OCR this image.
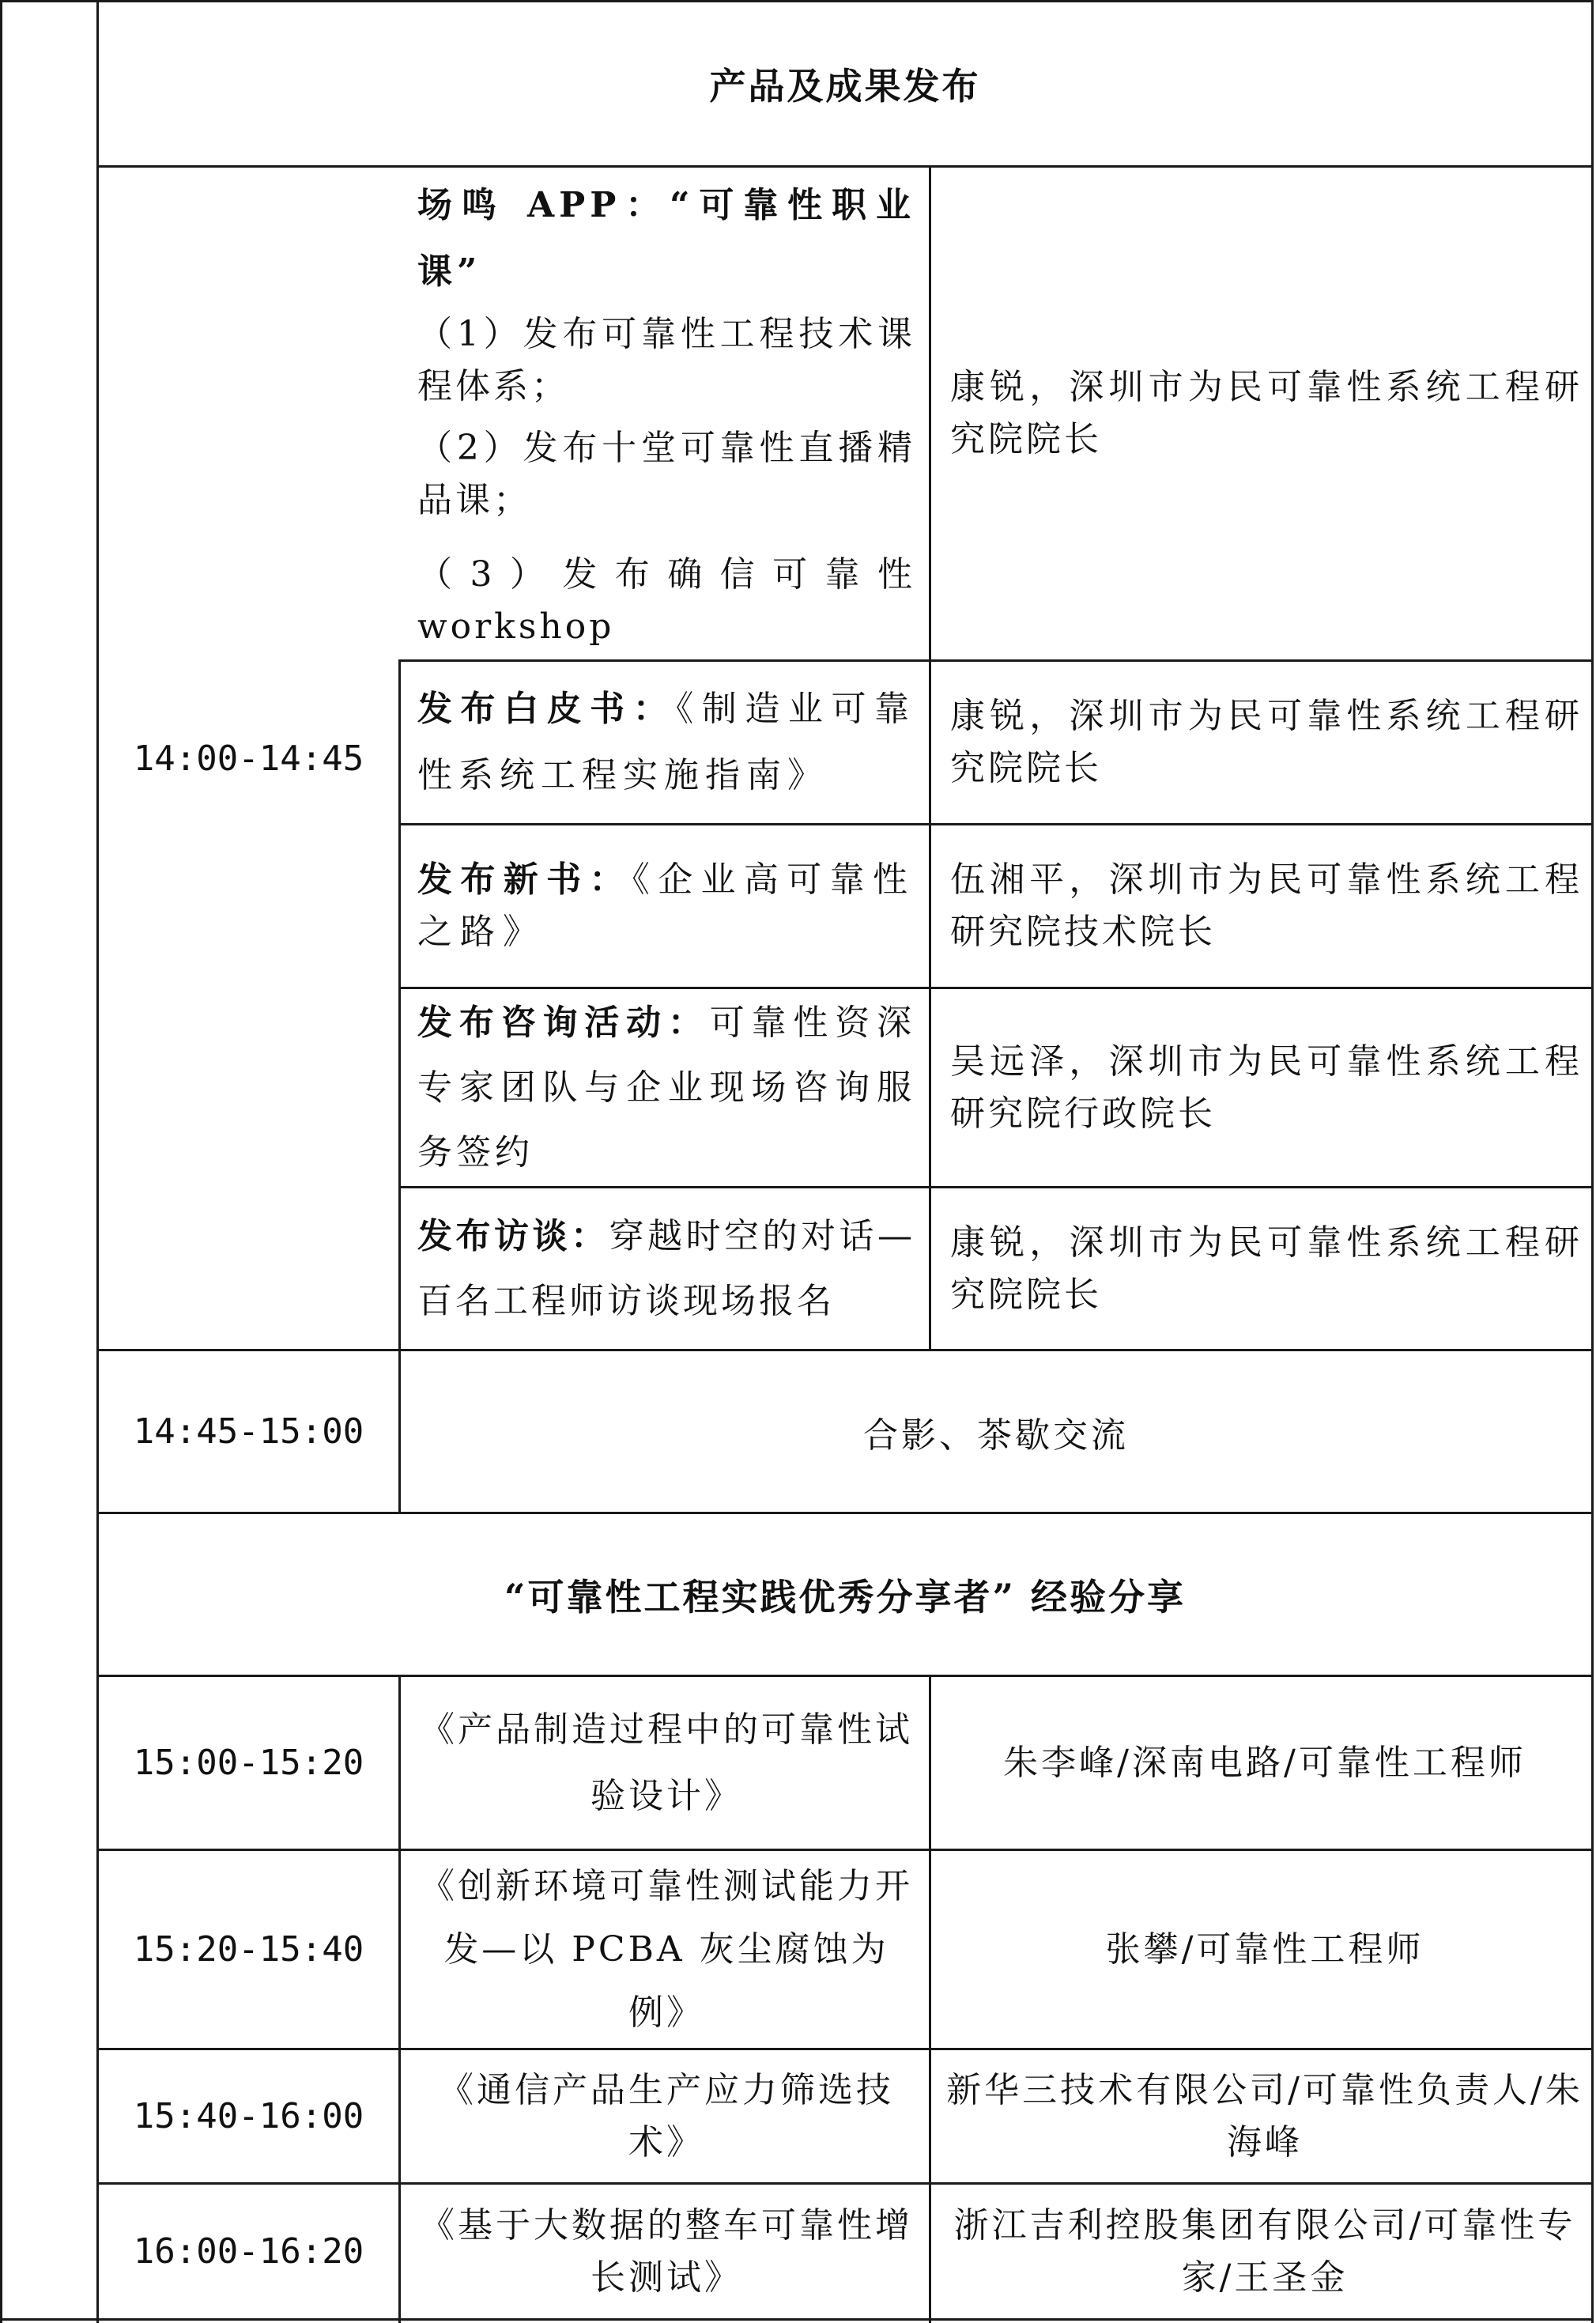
产品及成果发布
14:00-14:45
场鸣 APP：“可靠性职业课”
（1）发布可靠性工程技术课程体系；
（2）发布十堂可靠性直播精品课；
（3）发布确信可靠性 workshop
康锐，深圳市为民可靠性系统工程研究院院长
发布白皮书：《制造业可靠性系统工程实施指南》
康锐，深圳市为民可靠性系统工程研究院院长
发布新书：《企业高可靠性之路》
伍湘平，深圳市为民可靠性系统工程研究院技术院长
发布咨询活动：可靠性资深专家团队与企业现场咨询服务签约
吴远泽，深圳市为民可靠性系统工程研究院行政院长
发布访谈：穿越时空的对话—百名工程师访谈现场报名
康锐，深圳市为民可靠性系统工程研究院院长
14:45-15:00	合影、茶歇交流
“可靠性工程实践优秀分享者” 经验分享
15:00-15:20
《产品制造过程中的可靠性试验设计》
朱李峰/深南电路/可靠性工程师
15:20-15:40
《创新环境可靠性测试能力开发—以 PCBA 灰尘腐蚀为例》
张攀/可靠性工程师
15:40-16:00
《通信产品生产应力筛选技术》
新华三技术有限公司/可靠性负责人/朱海峰
16:00-16:20
《基于大数据的整车可靠性增长测试》
浙江吉利控股集团有限公司/可靠性专家/王圣金
